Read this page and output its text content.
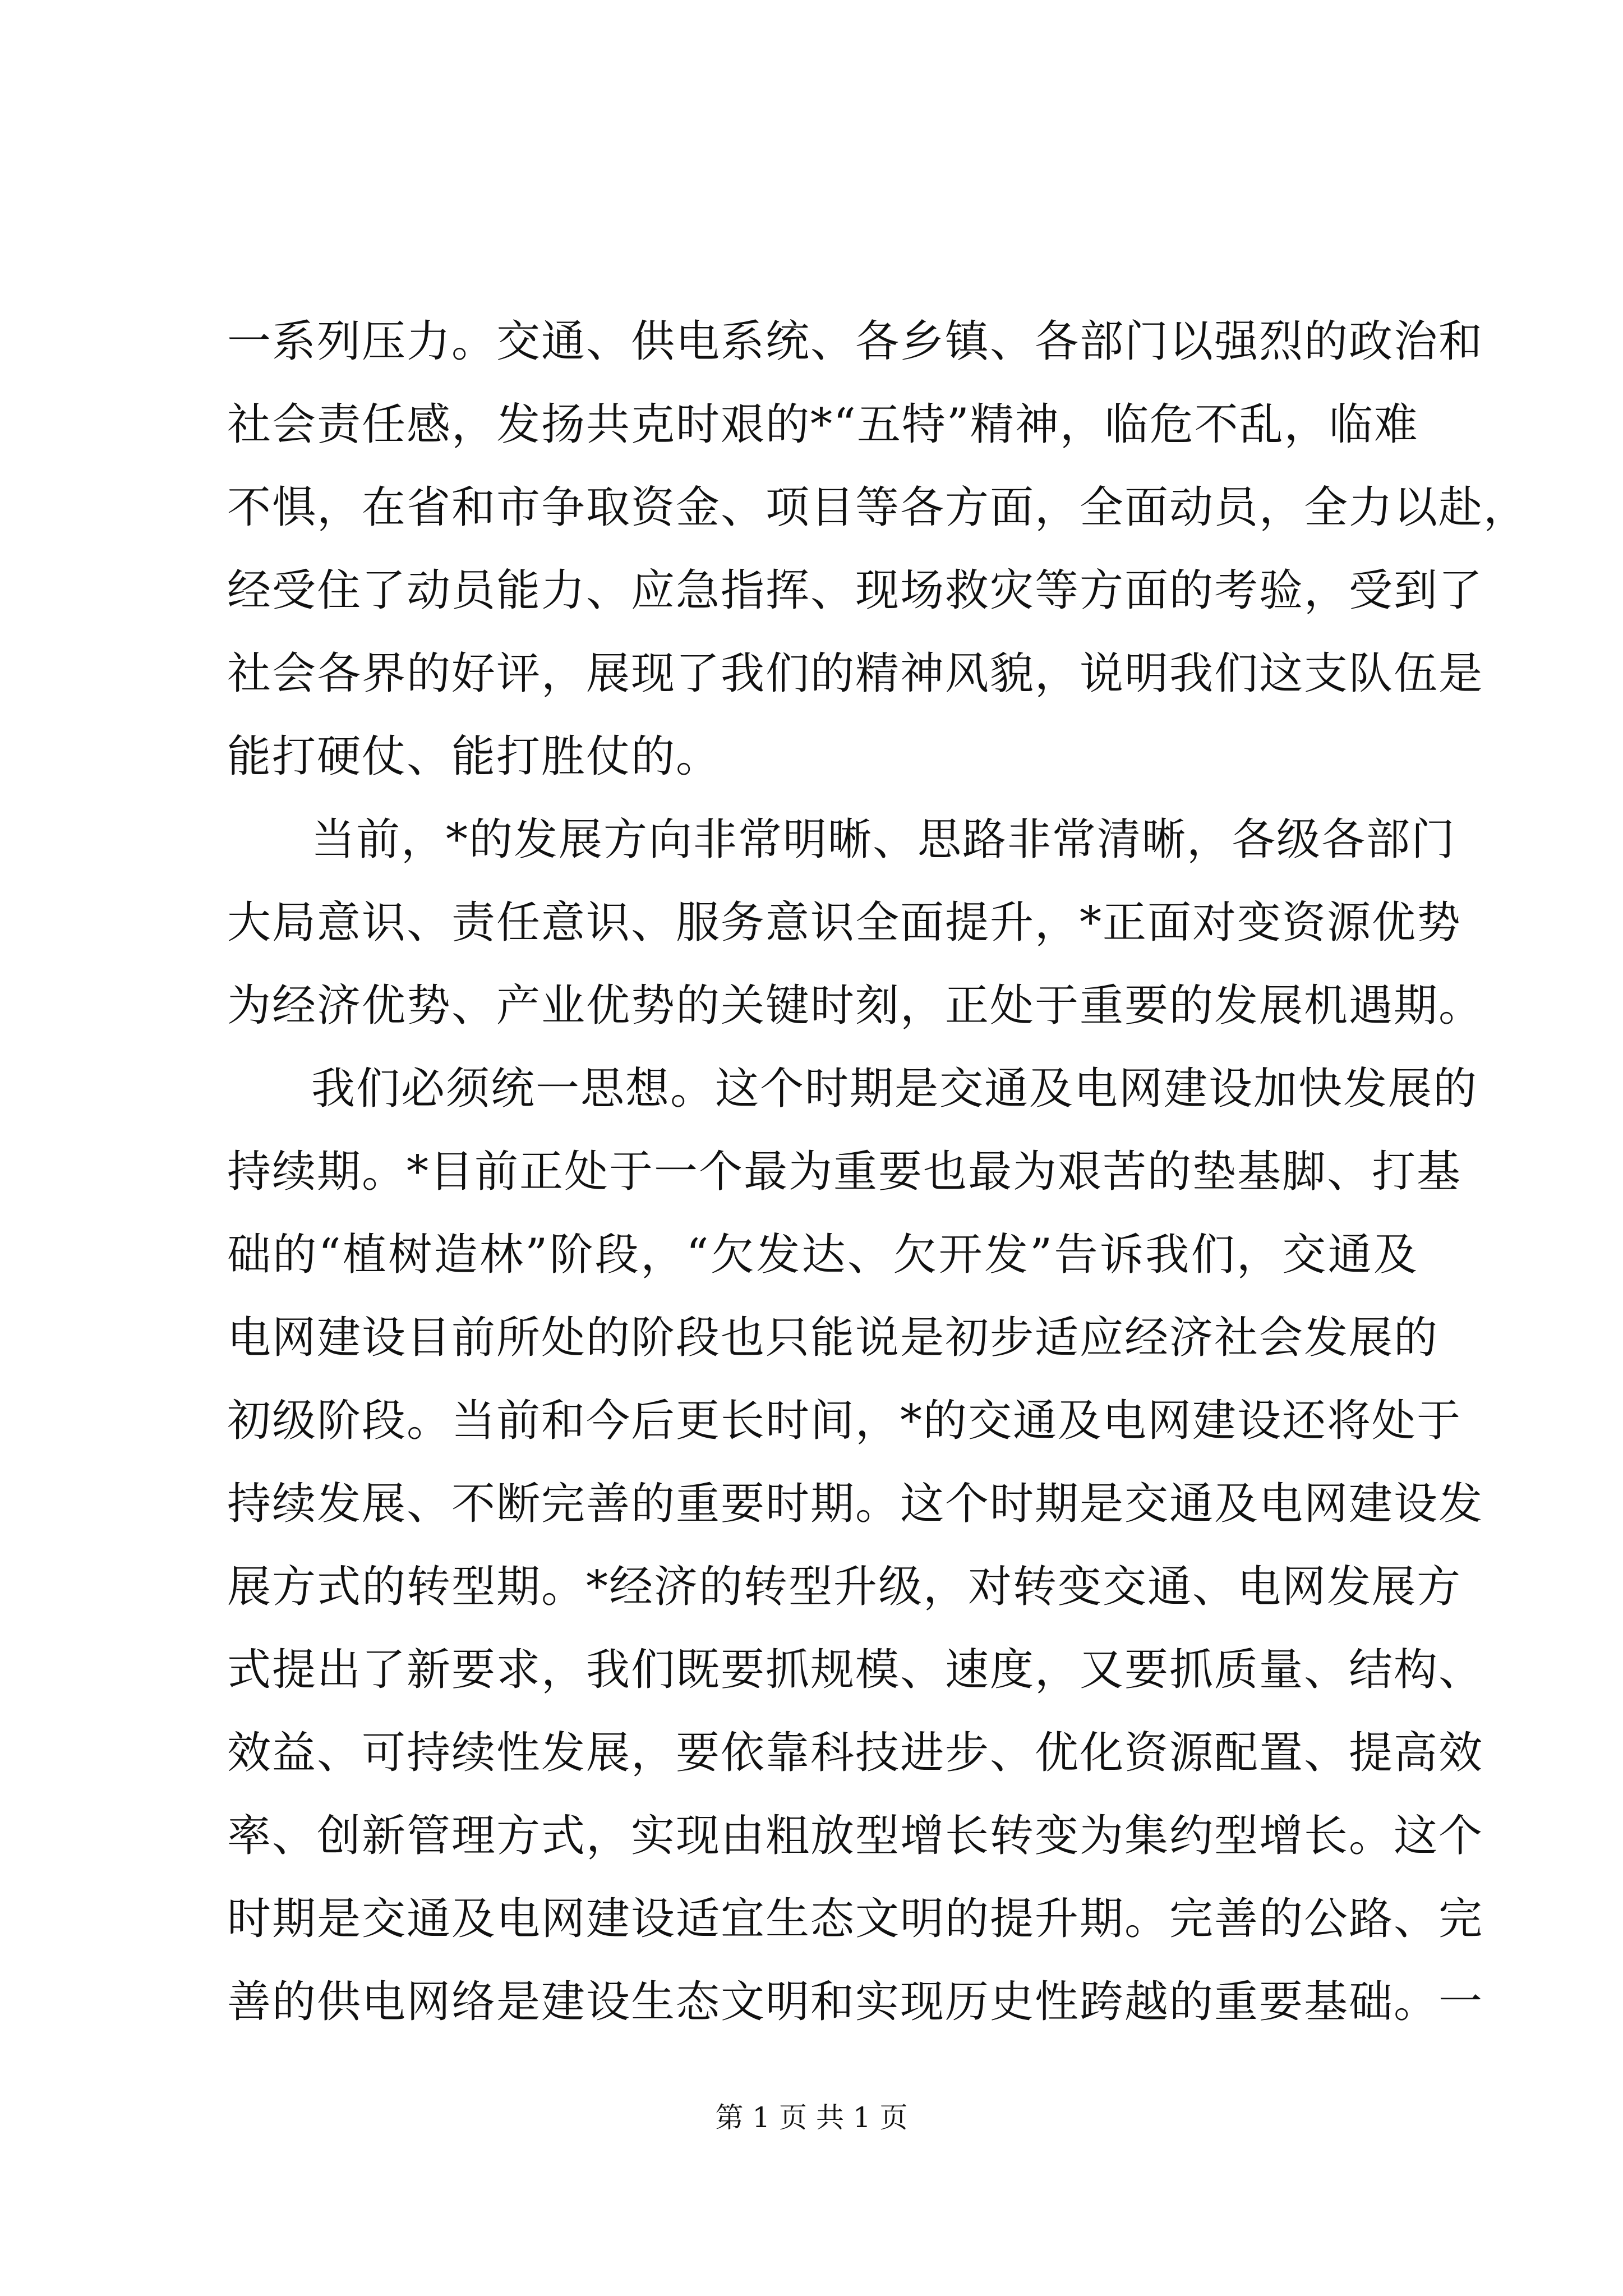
一系列压力。交通、供电系统、各乡镇、各部门以强烈的政治和
社会责任感，发扬共克时艰的*“五特”精神，临危不乱，临难
不惧，在省和市争取资金、项目等各方面，全面动员，全力以赴，
经受住了动员能力、应急指挥、现场救灾等方面的考验，受到了
社会各界的好评，展现了我们的精神风貌，说明我们这支队伍是
能打硬仗、能打胜仗的。
当前，*的发展方向非常明晰、思路非常清晰，各级各部门
大局意识、责任意识、服务意识全面提升，*正面对变资源优势
为经济优势、产业优势的关键时刻，正处于重要的发展机遇期。
我们必须统一思想。这个时期是交通及电网建设加快发展的
持续期。*目前正处于一个最为重要也最为艰苦的垫基脚、打基
础的“植树造林”阶段，“欠发达、欠开发”告诉我们，交通及
电网建设目前所处的阶段也只能说是初步适应经济社会发展的
初级阶段。当前和今后更长时间，*的交通及电网建设还将处于
持续发展、不断完善的重要时期。这个时期是交通及电网建设发
展方式的转型期。*经济的转型升级，对转变交通、电网发展方
式提出了新要求，我们既要抓规模、速度，又要抓质量、结构、
效益、可持续性发展，要依靠科技进步、优化资源配置、提高效
率、创新管理方式，实现由粗放型增长转变为集约型增长。这个
时期是交通及电网建设适宜生态文明的提升期。完善的公路、完
善的供电网络是建设生态文明和实现历史性跨越的重要基础。一
第 1 页 共 1 页
